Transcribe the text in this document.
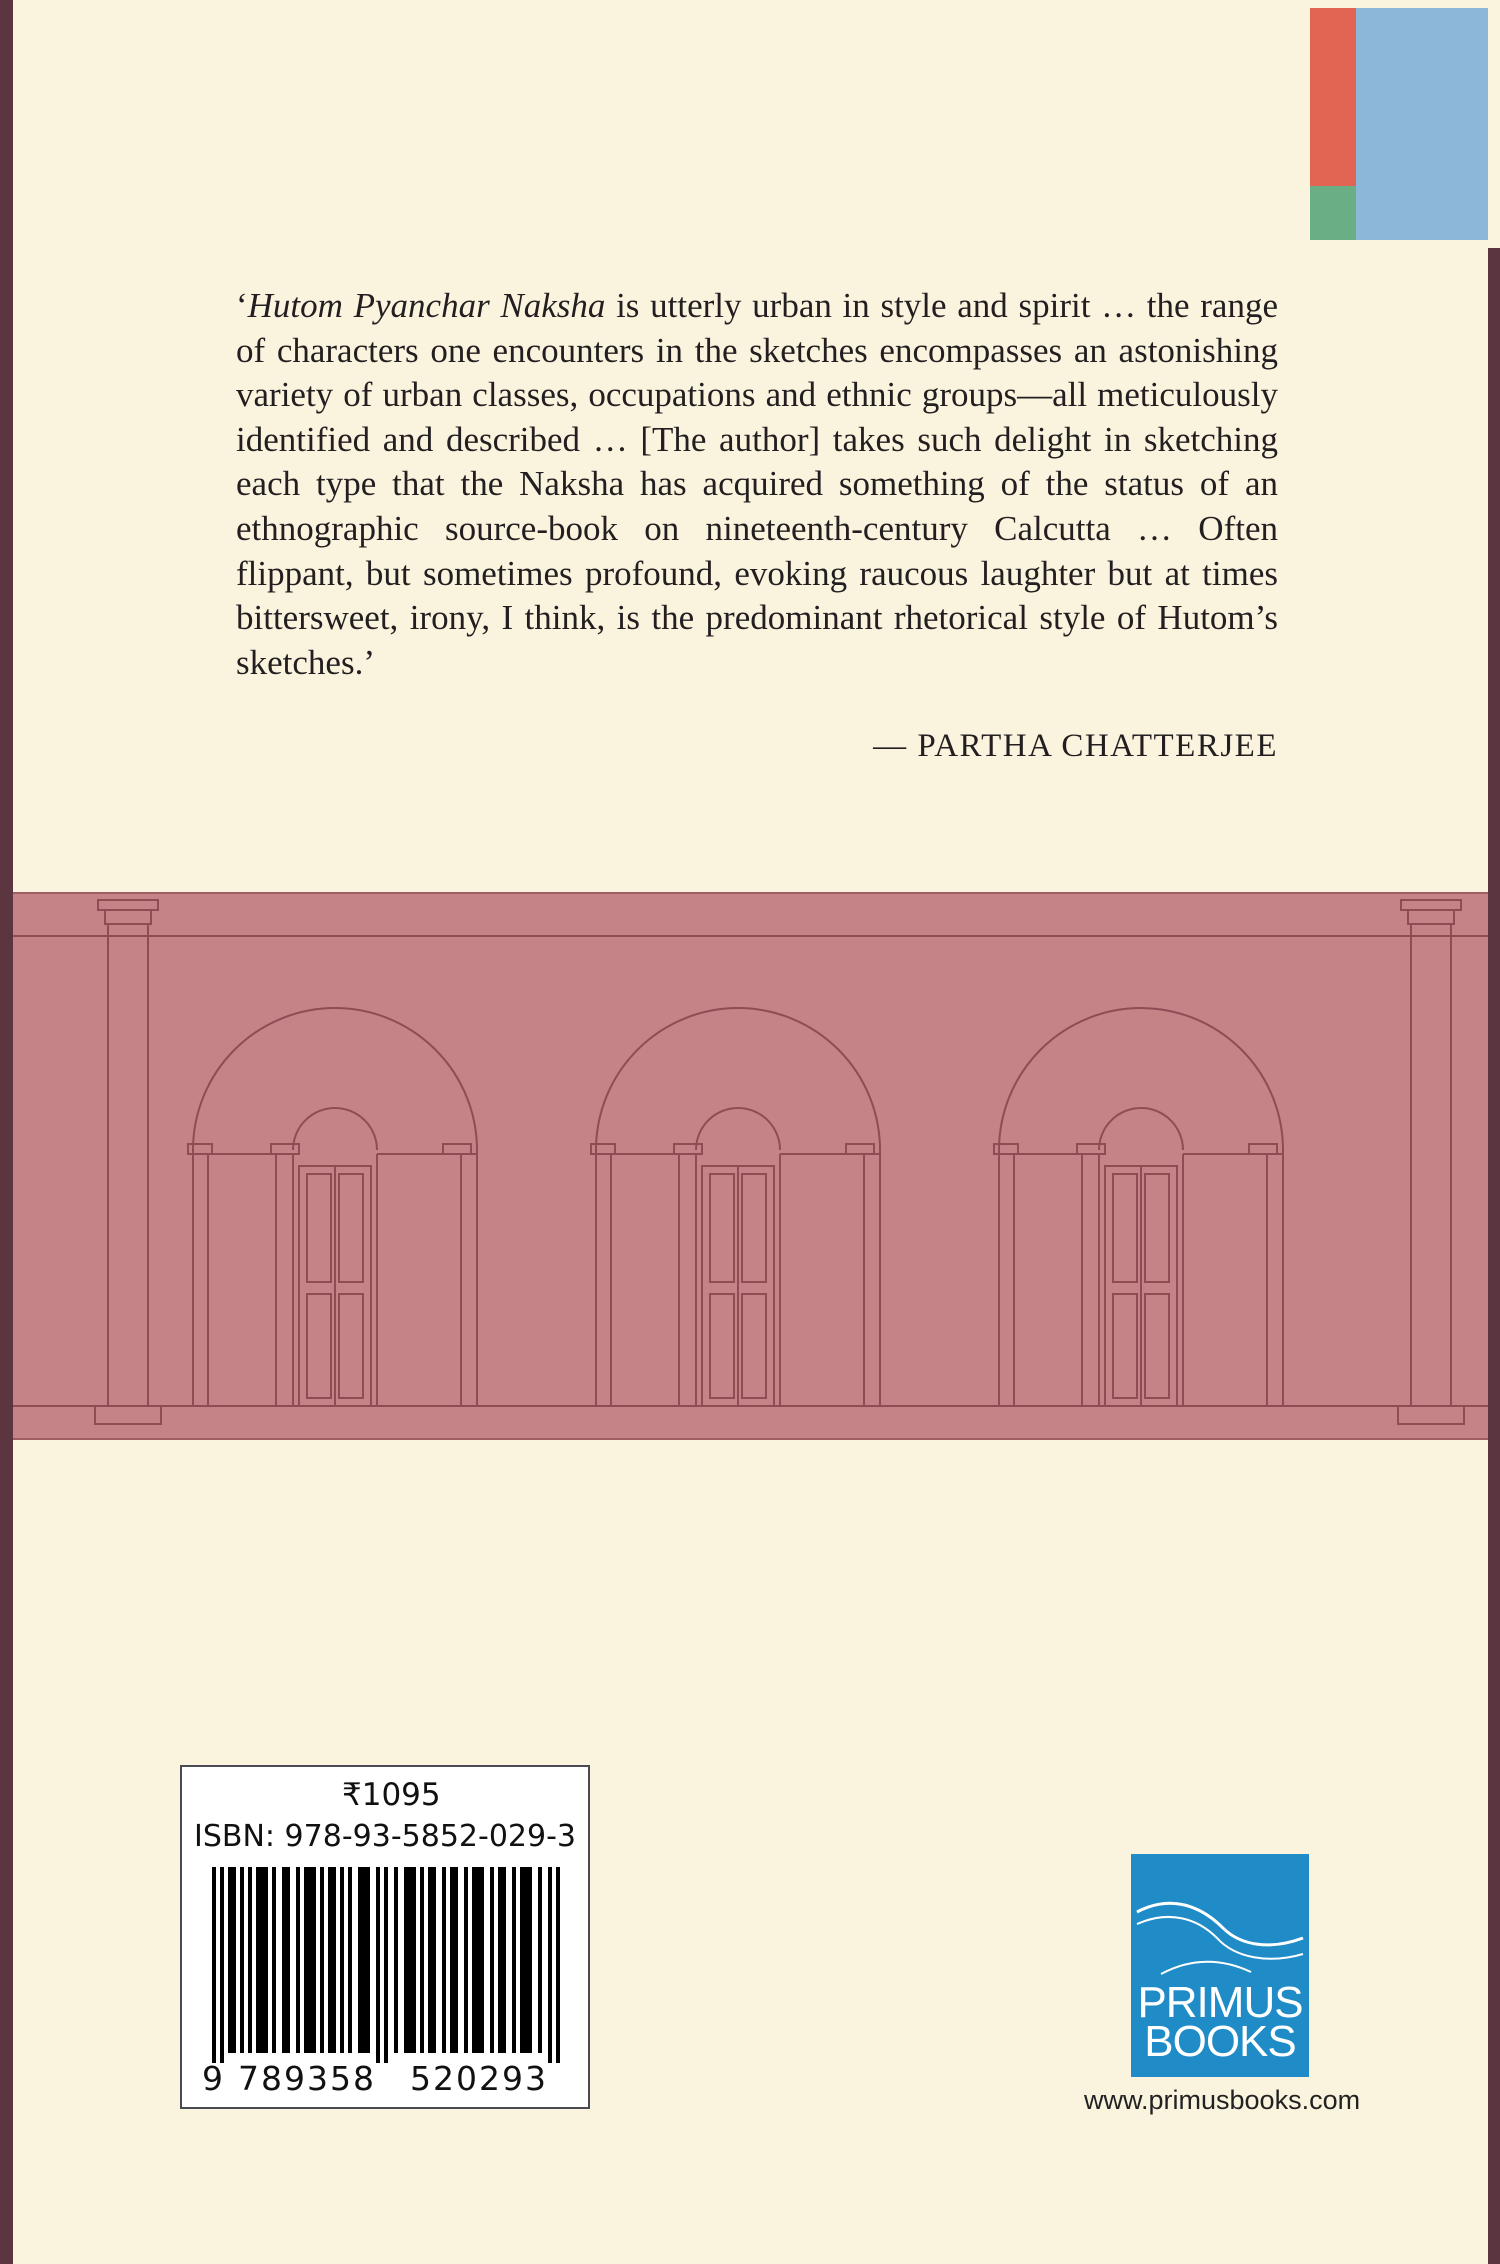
‘Hutom Pyanchar Naksha is utterly urban in style and spirit … the range of characters one encounters in the sketches encompasses an astonishing variety of urban classes, occupations and ethnic groups—all meticulously identified and described … [The author] takes such delight in sketching each type that the Naksha has acquired something of the status of an ethnographic source-book on nineteenth-century Calcutta … Often flippant, but sometimes profound, evoking raucous laughter but at times bittersweet, irony, I think, is the predominant rhetorical style of Hutom’s sketches.’
— PARTHA CHATTERJEE
₹1095
ISBN: 978-93-5852-029-3
9 789358 520293
PRIMUS
BOOKS
www.primusbooks.com
